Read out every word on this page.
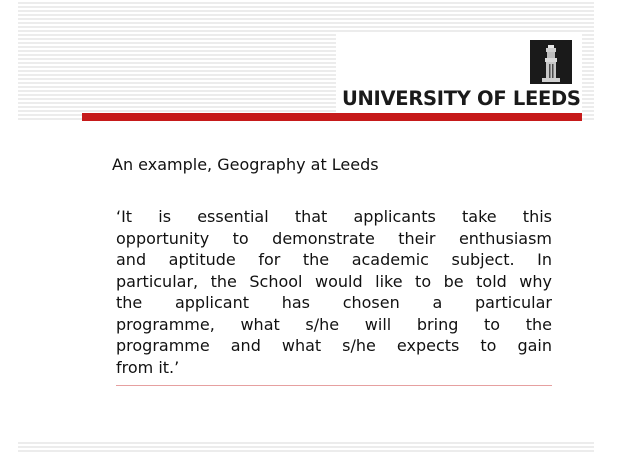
UNIVERSITY OF LEEDS
An example, Geography at Leeds
‘It is essential that applicants take this
opportunity to demonstrate their enthusiasm
and aptitude for the academic subject. In
particular, the School would like to be told why
the applicant has chosen a particular
programme, what s/he will bring to the
programme and what s/he expects to gain
from it.’
